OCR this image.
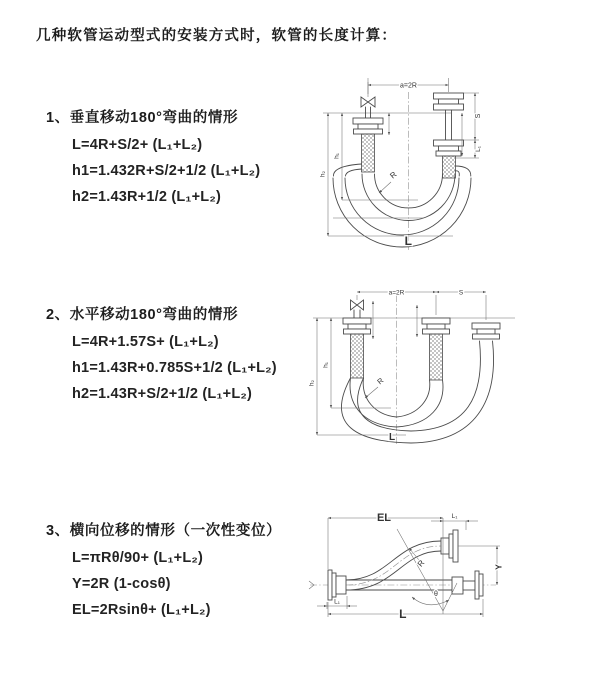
几种软管运动型式的安装方式时，软管的长度计算：
1、垂直移动180°弯曲的情形
L=4R+S/2+ (L₁+L₂)
h1=1.432R+S/2+1/2 (L₁+L₂)
h2=1.43R+1/2 (L₁+L₂)
2、水平移动180°弯曲的情形
L=4R+1.57S+ (L₁+L₂)
h1=1.43R+0.785S+1/2 (L₁+L₂)
h2=1.43R+S/2+1/2 (L₁+L₂)
3、横向位移的情形（一次性变位）
L=πRθ/90+ (L₁+L₂)
Y=2R (1-cosθ)
EL=2Rsinθ+ (L₁+L₂)
a=2R
S
L₁
h₁
h₂	R
L
a=2R	S
h₁
h₂	R
L
θ
R
EL	L₁
Y
L
L₁
